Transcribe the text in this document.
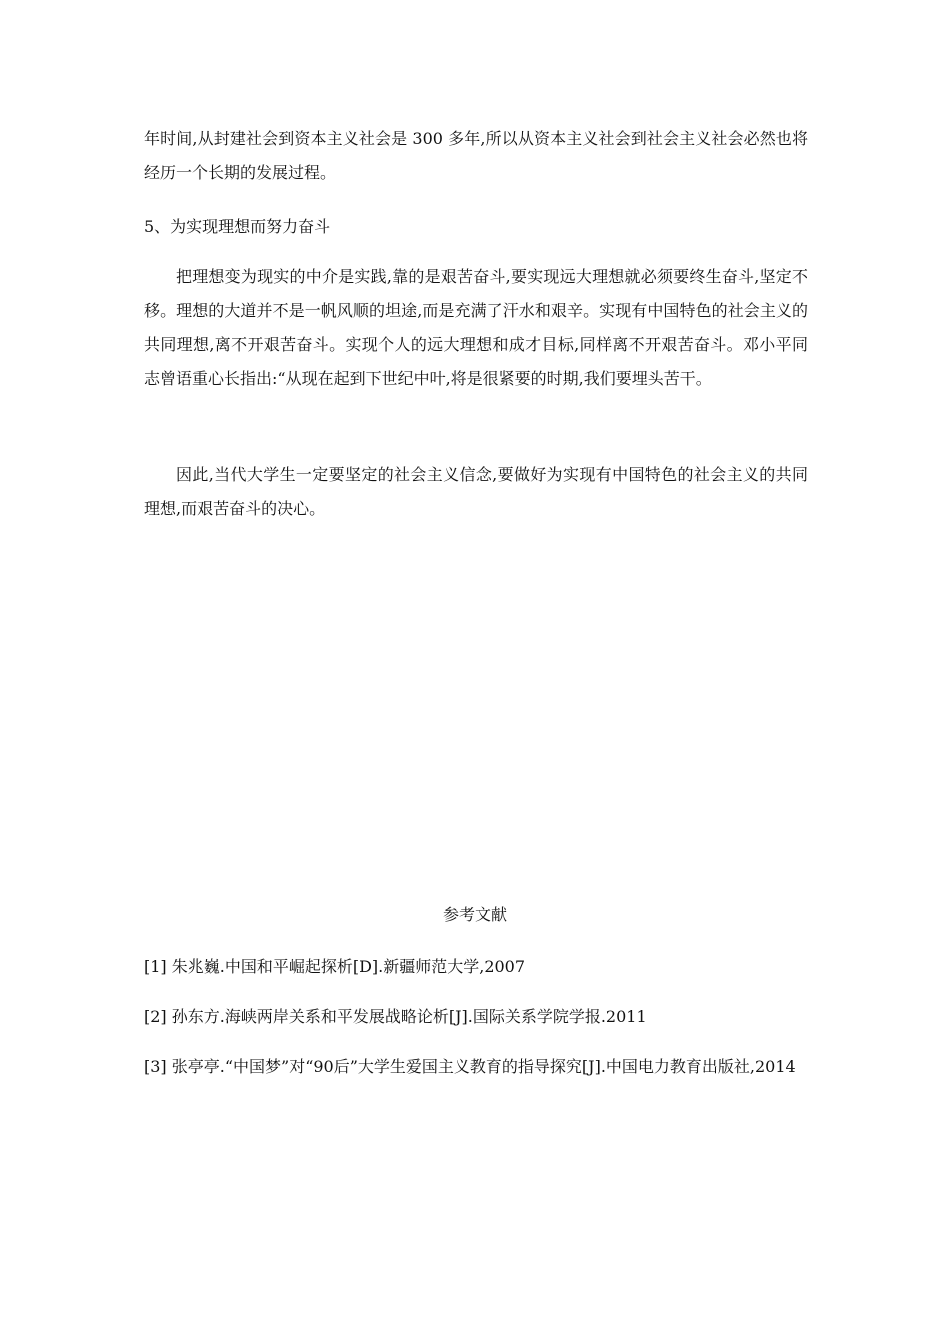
年时间,从封建社会到资本主义社会是 300 多年,所以从资本主义社会到社会主义社会必然也将经历一个长期的发展过程。
5、为实现理想而努力奋斗
把理想变为现实的中介是实践,靠的是艰苦奋斗,要实现远大理想就必须要终生奋斗,坚定不移。理想的大道并不是一帆风顺的坦途,而是充满了汗水和艰辛。实现有中国特色的社会主义的共同理想,离不开艰苦奋斗。实现个人的远大理想和成才目标,同样离不开艰苦奋斗。邓小平同志曾语重心长指出:“从现在起到下世纪中叶,将是很紧要的时期,我们要埋头苦干。
因此,当代大学生一定要坚定的社会主义信念,要做好为实现有中国特色的社会主义的共同理想,而艰苦奋斗的决心。
参考文献
[1] 朱兆巍.中国和平崛起探析[D].新疆师范大学,2007
[2] 孙东方.海峡两岸关系和平发展战略论析[J].国际关系学院学报.2011
[3] 张亭亭.“中国梦”对“90后”大学生爱国主义教育的指导探究[J].中国电力教育出版社,2014
